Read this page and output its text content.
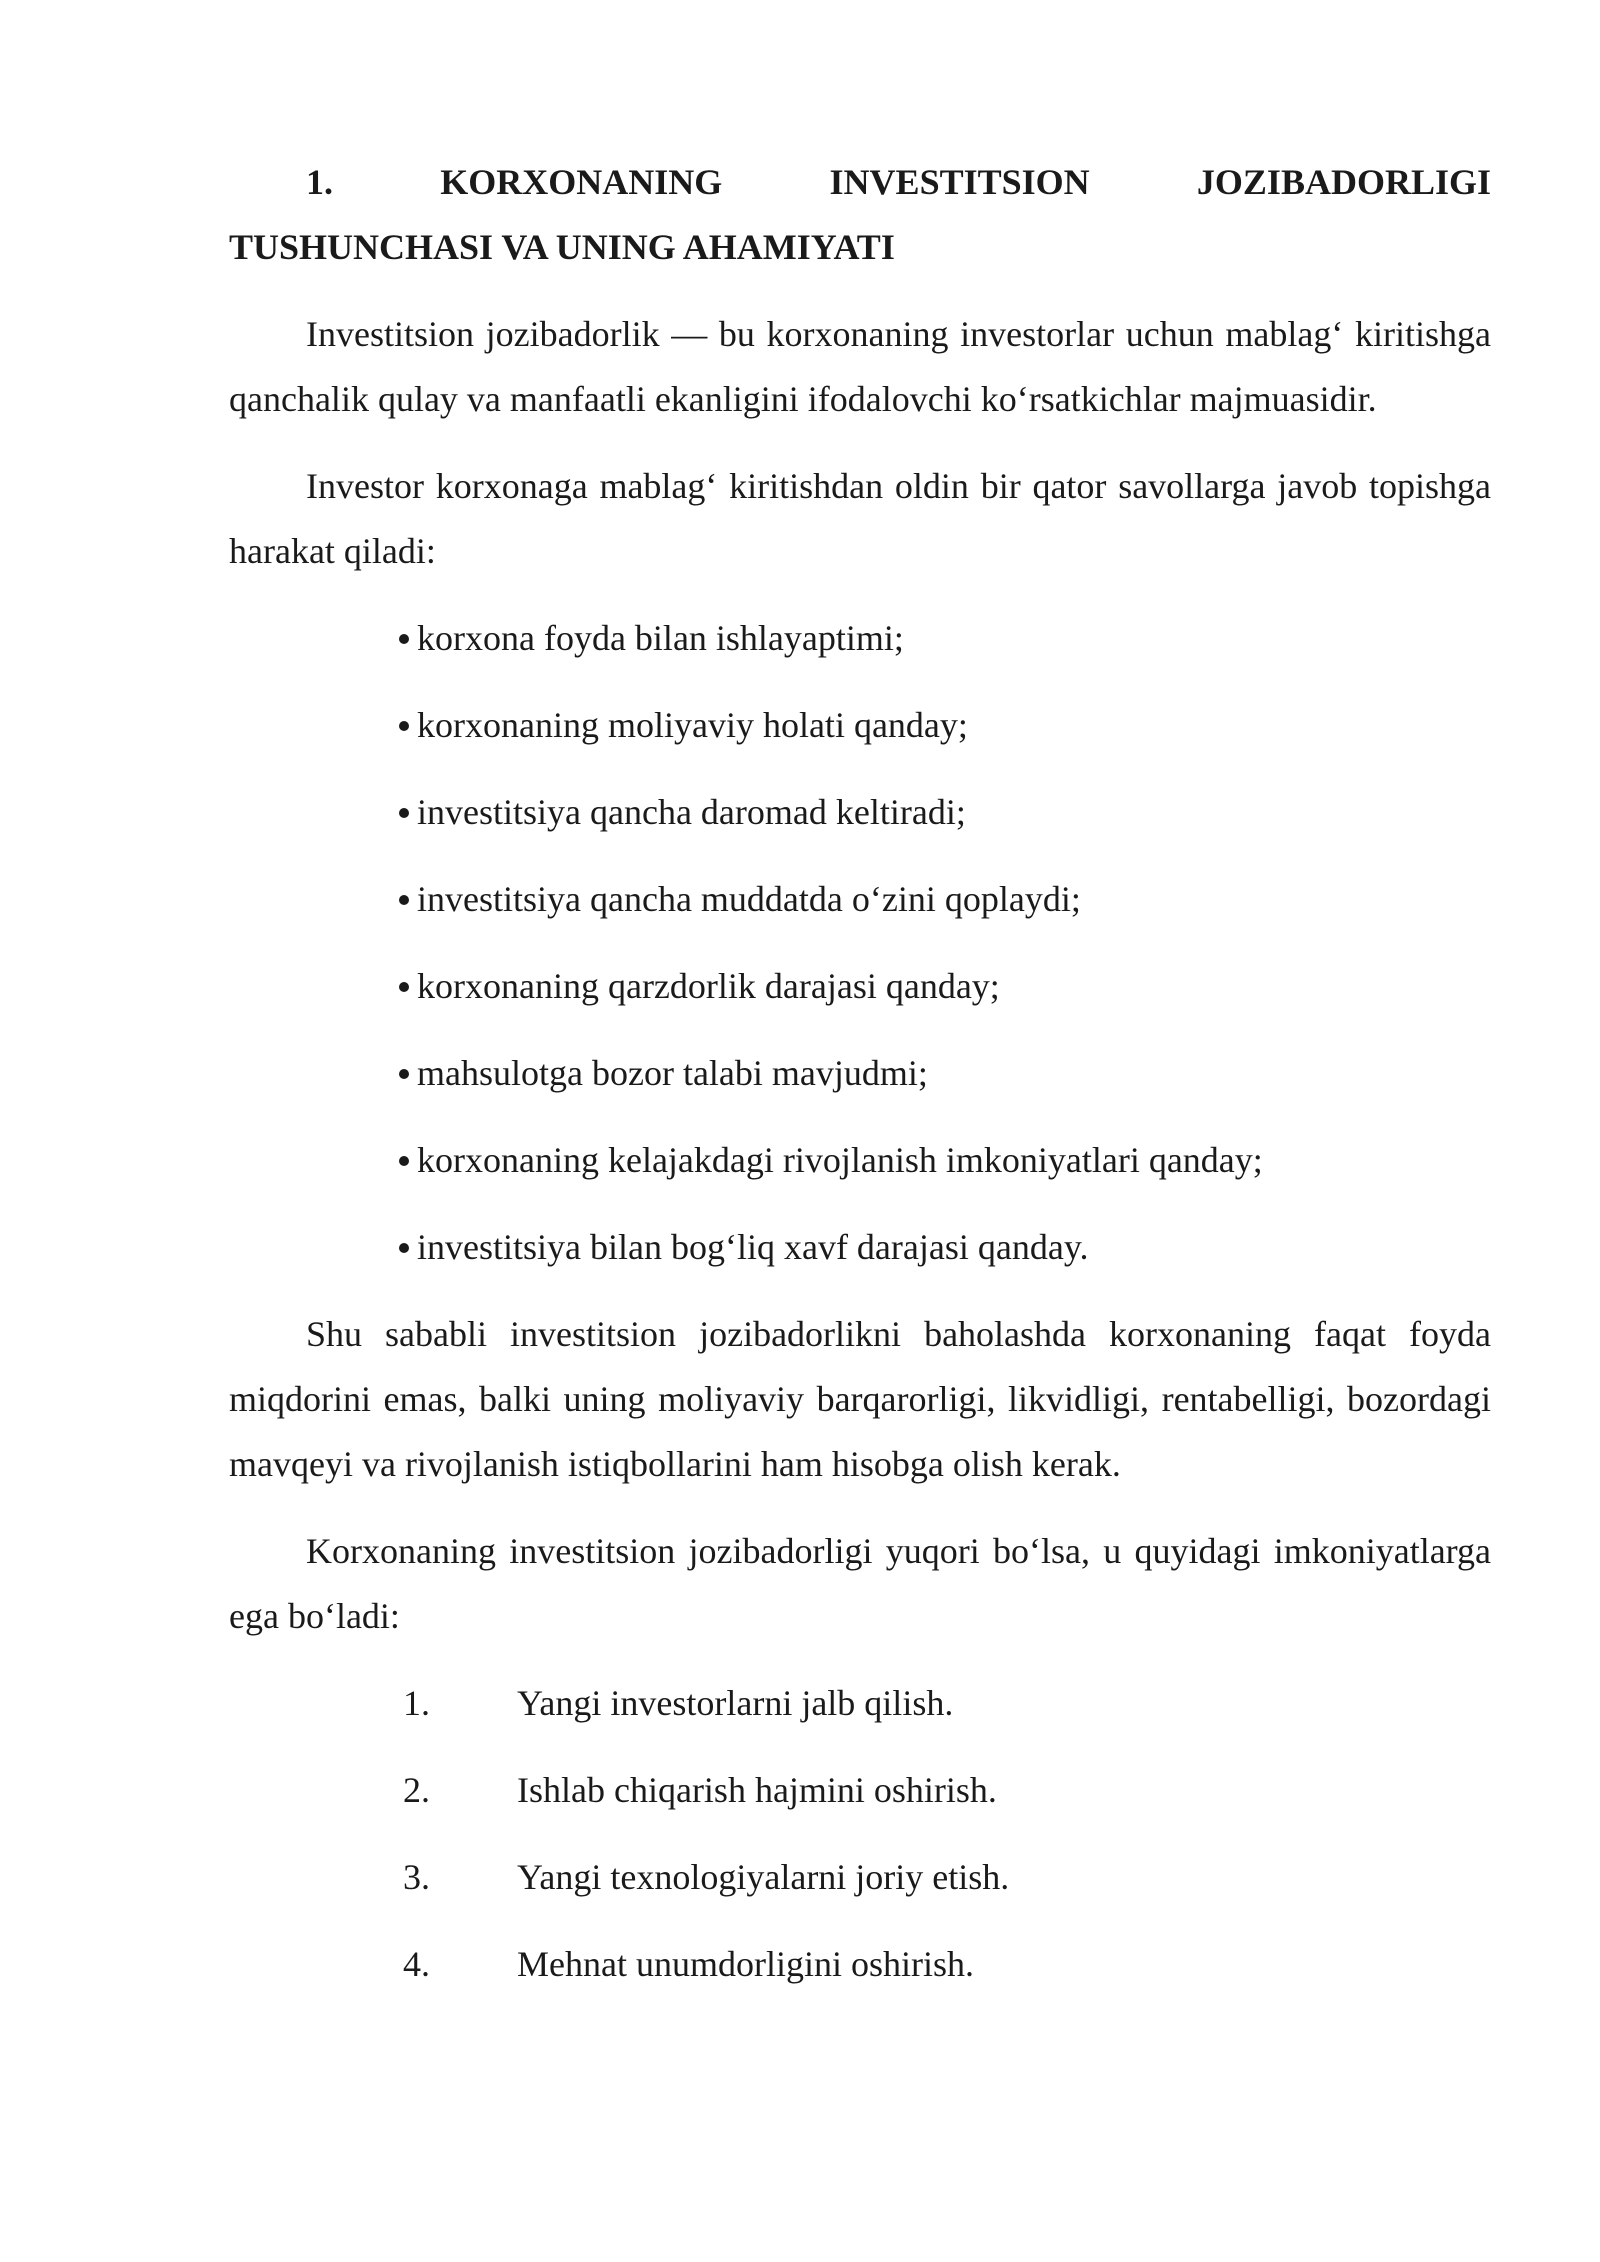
1.	KORXONANING	INVESTITSION	JOZIBADORLIGI
TUSHUNCHASI VA UNING AHAMIYATI

Investitsion jozibadorlik — bu korxonaning investorlar uchun mablag‘ kiritishga qanchalik qulay va manfaatli ekanligini ifodalovchi ko‘rsatkichlar majmuasidir.

Investor korxonaga mablag‘ kiritishdan oldin bir qator savollarga javob topishga harakat qiladi:

korxona foyda bilan ishlayaptimi;
korxonaning moliyaviy holati qanday;
investitsiya qancha daromad keltiradi;
investitsiya qancha muddatda o‘zini qoplaydi;
korxonaning qarzdorlik darajasi qanday;
mahsulotga bozor talabi mavjudmi;
korxonaning kelajakdagi rivojlanish imkoniyatlari qanday;
investitsiya bilan bog‘liq xavf darajasi qanday.

Shu sababli investitsion jozibadorlikni baholashda korxonaning faqat foyda miqdorini emas, balki uning moliyaviy barqarorligi, likvidligi, rentabelligi, bozordagi mavqeyi va rivojlanish istiqbollarini ham hisobga olish kerak.

Korxonaning investitsion jozibadorligi yuqori bo‘lsa, u quyidagi imkoniyatlarga ega bo‘ladi:

1.	Yangi investorlarni jalb qilish.
2.	Ishlab chiqarish hajmini oshirish.
3.	Yangi texnologiyalarni joriy etish.
4.	Mehnat unumdorligini oshirish.
